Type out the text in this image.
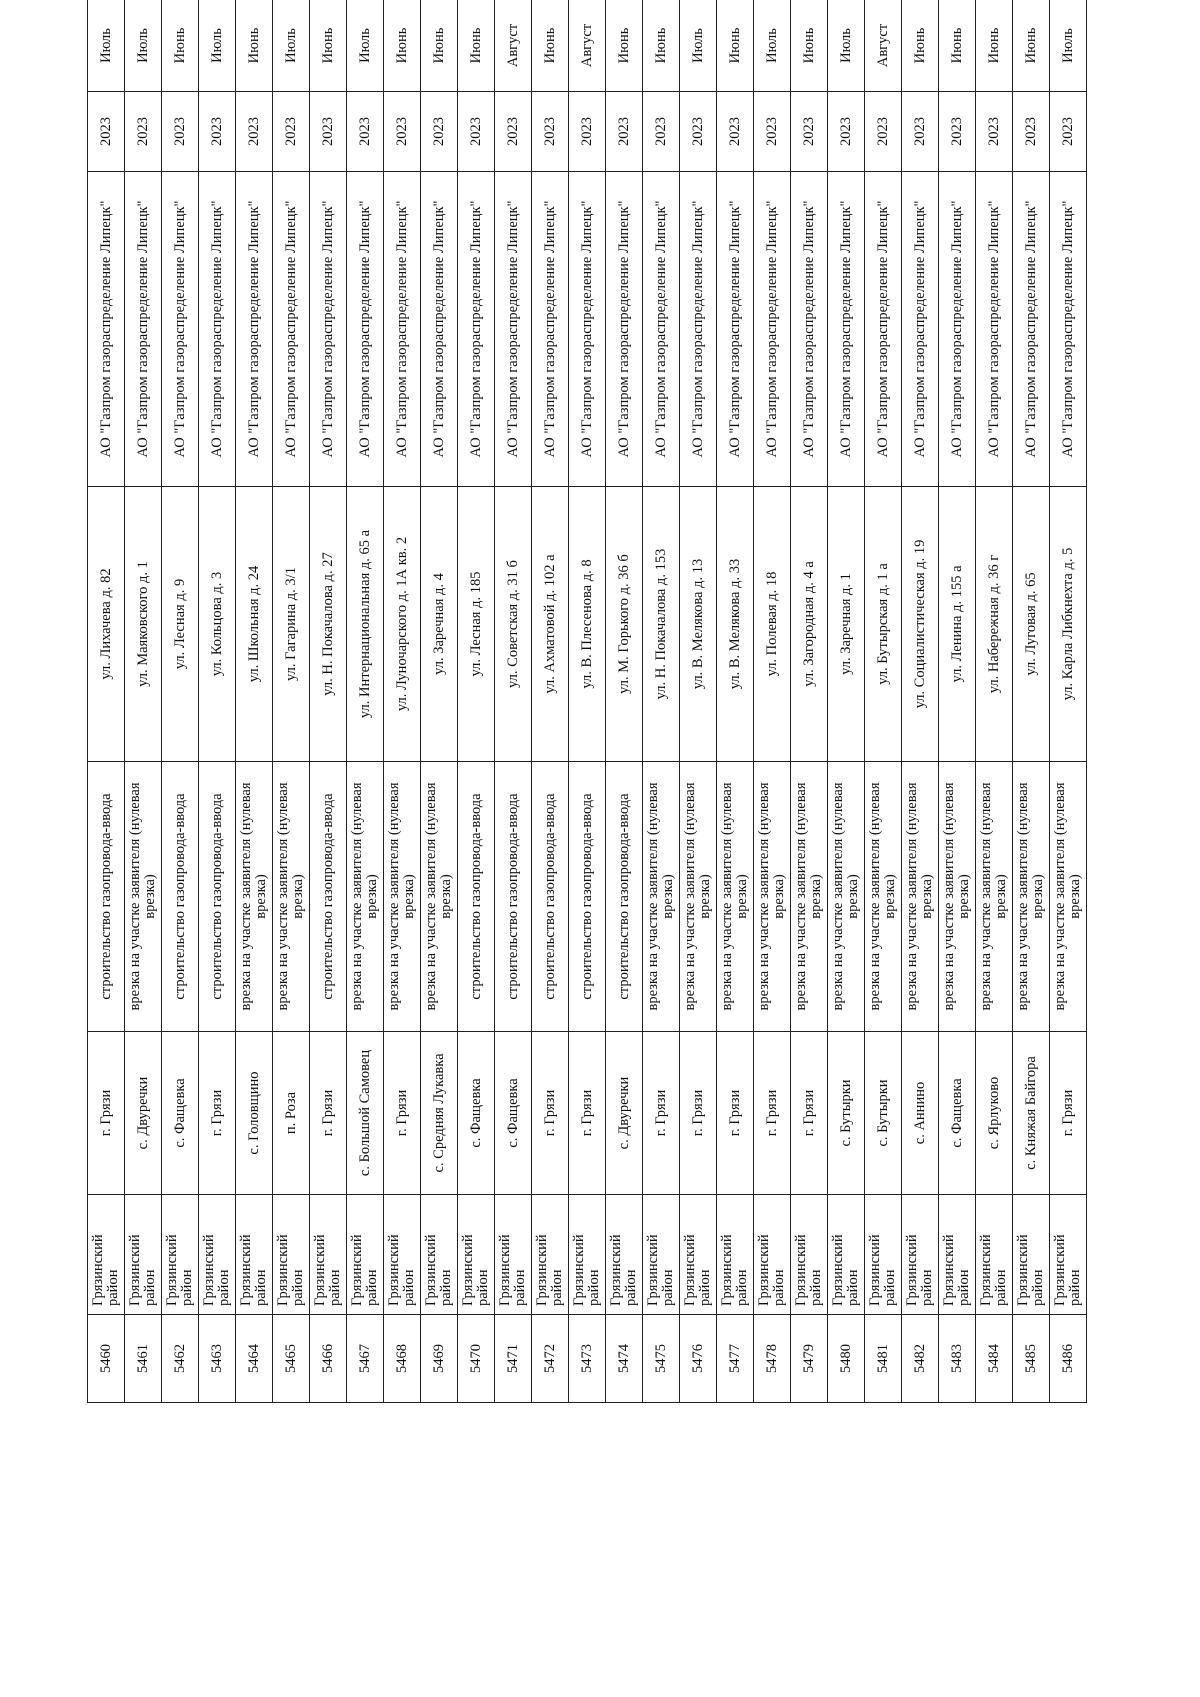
5460	Грязинский район	г. Грязи	строительство газопровода-ввода	ул. Лихачева д. 82	АО "Газпром газораспределение Липецк"	2023	Июль
5461	Грязинский район	с. Двуречки	врезка на участке заявителя (нулевая врезка)	ул. Маяковского д. 1	АО "Газпром газораспределение Липецк"	2023	Июль
5462	Грязинский район	с. Фащевка	строительство газопровода-ввода	ул. Лесная д. 9	АО "Газпром газораспределение Липецк"	2023	Июнь
5463	Грязинский район	г. Грязи	строительство газопровода-ввода	ул. Кольцова д. 3	АО "Газпром газораспределение Липецк"	2023	Июль
5464	Грязинский район	с. Головщино	врезка на участке заявителя (нулевая врезка)	ул. Школьная д. 24	АО "Газпром газораспределение Липецк"	2023	Июнь
5465	Грязинский район	п. Роза	врезка на участке заявителя (нулевая врезка)	ул. Гагарина д. 3/1	АО "Газпром газораспределение Липецк"	2023	Июль
5466	Грязинский район	г. Грязи	строительство газопровода-ввода	ул. Н. Покачалова д. 27	АО "Газпром газораспределение Липецк"	2023	Июнь
5467	Грязинский район	с. Большой Самовец	врезка на участке заявителя (нулевая врезка)	ул. Интернациональная д. 65 а	АО "Газпром газораспределение Липецк"	2023	Июль
5468	Грязинский район	г. Грязи	врезка на участке заявителя (нулевая врезка)	ул. Луночарского д. 1А кв. 2	АО "Газпром газораспределение Липецк"	2023	Июнь
5469	Грязинский район	с. Средняя Лукавка	врезка на участке заявителя (нулевая врезка)	ул. Заречная д. 4	АО "Газпром газораспределение Липецк"	2023	Июнь
5470	Грязинский район	с. Фащевка	строительство газопровода-ввода	ул. Лесная д. 185	АО "Газпром газораспределение Липецк"	2023	Июнь
5471	Грязинский район	с. Фащевка	строительство газопровода-ввода	ул. Советская д. 31 б	АО "Газпром газораспределение Липецк"	2023	Август
5472	Грязинский район	г. Грязи	строительство газопровода-ввода	ул. Ахматовой д. 102 а	АО "Газпром газораспределение Липецк"	2023	Июнь
5473	Грязинский район	г. Грязи	строительство газопровода-ввода	ул. В. Плесенова д. 8	АО "Газпром газораспределение Липецк"	2023	Август
5474	Грязинский район	с. Двуречки	строительство газопровода-ввода	ул. М. Горького д. 36 б	АО "Газпром газораспределение Липецк"	2023	Июнь
5475	Грязинский район	г. Грязи	врезка на участке заявителя (нулевая врезка)	ул. Н. Покачалова д. 153	АО "Газпром газораспределение Липецк"	2023	Июнь
5476	Грязинский район	г. Грязи	врезка на участке заявителя (нулевая врезка)	ул. В. Мелякова д. 13	АО "Газпром газораспределение Липецк"	2023	Июль
5477	Грязинский район	г. Грязи	врезка на участке заявителя (нулевая врезка)	ул. В. Мелякова д. 33	АО "Газпром газораспределение Липецк"	2023	Июнь
5478	Грязинский район	г. Грязи	врезка на участке заявителя (нулевая врезка)	ул. Полевая д. 18	АО "Газпром газораспределение Липецк"	2023	Июль
5479	Грязинский район	г. Грязи	врезка на участке заявителя (нулевая врезка)	ул. Загородная д. 4 а	АО "Газпром газораспределение Липецк"	2023	Июнь
5480	Грязинский район	с. Бутырки	врезка на участке заявителя (нулевая врезка)	ул. Заречная д. 1	АО "Газпром газораспределение Липецк"	2023	Июль
5481	Грязинский район	с. Бутырки	врезка на участке заявителя (нулевая врезка)	ул. Бутырская д. 1 а	АО "Газпром газораспределение Липецк"	2023	Август
5482	Грязинский район	с. Аннино	врезка на участке заявителя (нулевая врезка)	ул. Социалистическая д. 19	АО "Газпром газораспределение Липецк"	2023	Июнь
5483	Грязинский район	с. Фащевка	врезка на участке заявителя (нулевая врезка)	ул. Ленина д. 155 а	АО "Газпром газораспределение Липецк"	2023	Июнь
5484	Грязинский район	с. Ярлуково	врезка на участке заявителя (нулевая врезка)	ул. Набережная д. 36 г	АО "Газпром газораспределение Липецк"	2023	Июнь
5485	Грязинский район	с. Княжая Байгора	врезка на участке заявителя (нулевая врезка)	ул. Луговая д. 65	АО "Газпром газораспределение Липецк"	2023	Июнь
5486	Грязинский район	г. Грязи	врезка на участке заявителя (нулевая врезка)	ул. Карла Либкнехта д. 5	АО "Газпром газораспределение Липецк"	2023	Июль
